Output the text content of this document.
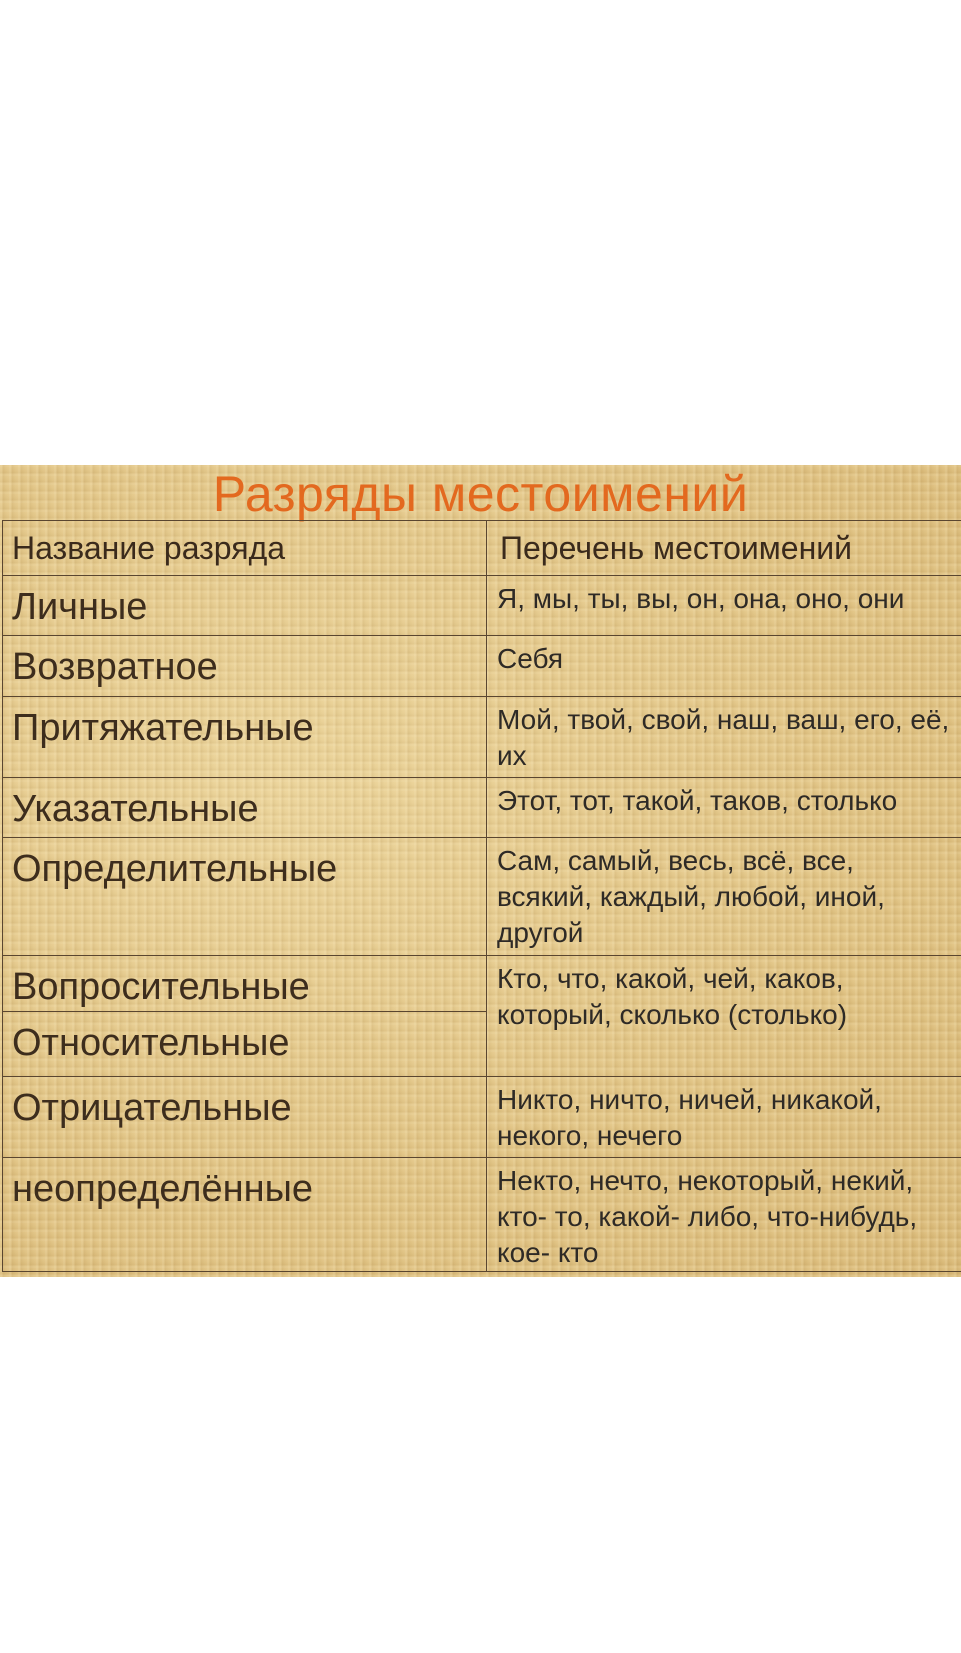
Разряды местоимений
Название разряда	Перечень местоимений

Личные	Я, мы, ты, вы, он, она, оно, они

Возвратное	Себя

Притяжательные	Мой, твой, свой, наш, ваш, его, её, их

Указательные	Этот, тот, такой, таков, столько

Определительные	Сам, самый, весь, всё, все, всякий, каждый, любой, иной, другой

Вопросительные	Кто, что, какой, чей, каков, который, сколько (столько)

Относительные	

Отрицательные	Никто, ничто, ничей, никакой, некого, нечего

неопределённые	Некто, нечто, некоторый, некий, кто- то, какой- либо, что-нибудь, кое- кто
